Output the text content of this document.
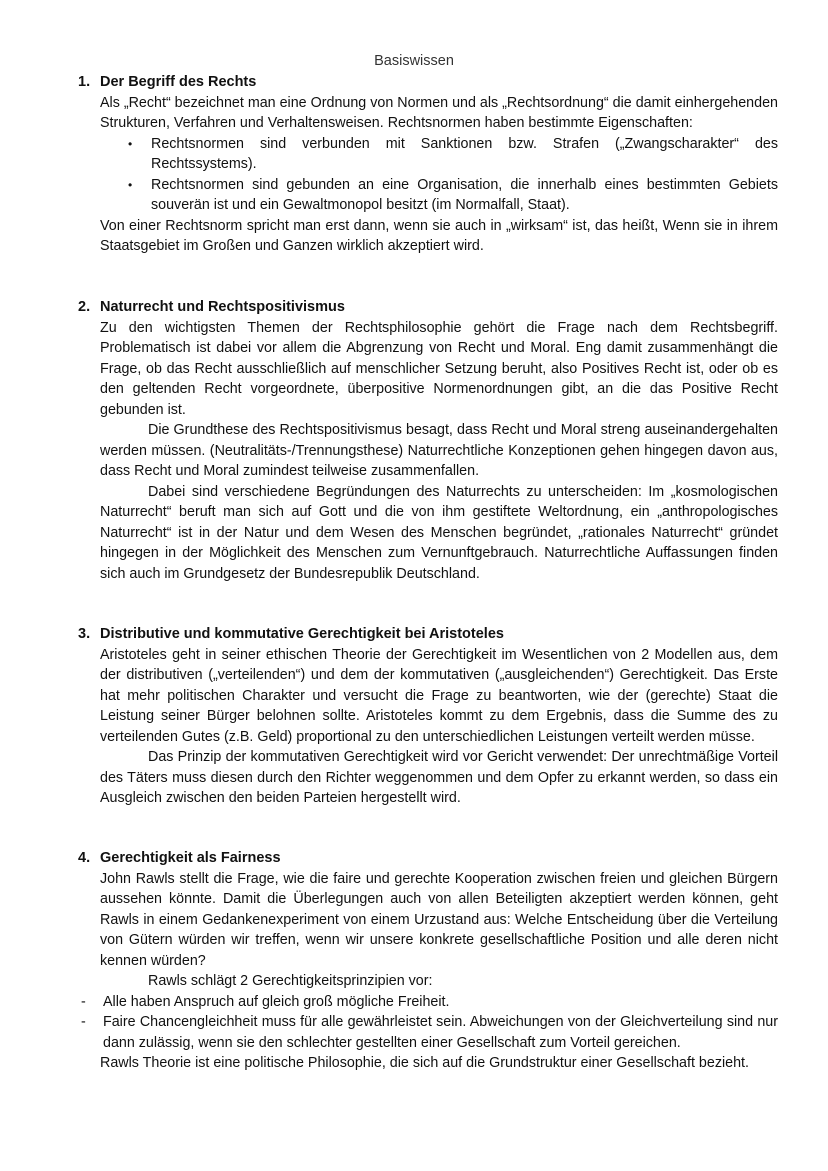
Basiswissen
1. Der Begriff des Rechts

Als „Recht“ bezeichnet man eine Ordnung von Normen und als „Rechtsordnung“ die damit einhergehenden Strukturen, Verfahren und Verhaltensweisen. Rechtsnormen haben bestimmte Eigenschaften:

•	Rechtsnormen sind verbunden mit Sanktionen bzw. Strafen („Zwangscharakter“ des Rechtssystems).
•	Rechtsnormen sind gebunden an eine Organisation, die innerhalb eines bestimmten Gebiets souverän ist und ein Gewaltmonopol besitzt (im Normalfall, Staat).

Von einer Rechtsnorm spricht man erst dann, wenn sie auch in „wirksam“ ist, das heißt, Wenn sie in ihrem Staatsgebiet im Großen und Ganzen wirklich akzeptiert wird.

2. Naturrecht und Rechtspositivismus

Zu den wichtigsten Themen der Rechtsphilosophie gehört die Frage nach dem Rechtsbegriff. Problematisch ist dabei vor allem die Abgrenzung von Recht und Moral. Eng damit zusammenhängt die Frage, ob das Recht ausschließlich auf menschlicher Setzung beruht, also Positives Recht ist, oder ob es den geltenden Recht vorgeordnete, überpositive Normenordnungen gibt, an die das Positive Recht gebunden ist.

Die Grundthese des Rechtspositivismus besagt, dass Recht und Moral streng auseinandergehalten werden müssen. (Neutralitäts-/Trennungsthese) Naturrechtliche Konzeptionen gehen hingegen davon aus, dass Recht und Moral zumindest teilweise zusammenfallen.

Dabei sind verschiedene Begründungen des Naturrechts zu unterscheiden: Im „kosmologischen Naturrecht“ beruft man sich auf Gott und die von ihm gestiftete Weltordnung, ein „anthropologisches Naturrecht“ ist in der Natur und dem Wesen des Menschen begründet, „rationales Naturrecht“ gründet hingegen in der Möglichkeit des Menschen zum Vernunftgebrauch. Naturrechtliche Auffassungen finden sich auch im Grundgesetz der Bundesrepublik Deutschland.

3. Distributive und kommutative Gerechtigkeit bei Aristoteles

Aristoteles geht in seiner ethischen Theorie der Gerechtigkeit im Wesentlichen von 2 Modellen aus, dem der distributiven („verteilenden“) und dem der kommutativen („ausgleichenden“) Gerechtigkeit. Das Erste hat mehr politischen Charakter und versucht die Frage zu beantworten, wie der (gerechte) Staat die Leistung seiner Bürger belohnen sollte. Aristoteles kommt zu dem Ergebnis, dass die Summe des zu verteilenden Gutes (z.B. Geld) proportional zu den unterschiedlichen Leistungen verteilt werden müsse.

Das Prinzip der kommutativen Gerechtigkeit wird vor Gericht verwendet: Der unrechtmäßige Vorteil des Täters muss diesen durch den Richter weggenommen und dem Opfer zu erkannt werden, so dass ein Ausgleich zwischen den beiden Parteien hergestellt wird.

4. Gerechtigkeit als Fairness

John Rawls stellt die Frage, wie die faire und gerechte Kooperation zwischen freien und gleichen Bürgern aussehen könnte. Damit die Überlegungen auch von allen Beteiligten akzeptiert werden können, geht Rawls in einem Gedankenexperiment von einem Urzustand aus: Welche Entscheidung über die Verteilung von Gütern würden wir treffen, wenn wir unsere konkrete gesellschaftliche Position und alle deren nicht kennen würden?

Rawls schlägt 2 Gerechtigkeitsprinzipien vor:

-	Alle haben Anspruch auf gleich groß mögliche Freiheit.
-	Faire Chancengleichheit muss für alle gewährleistet sein. Abweichungen von der Gleichverteilung sind nur dann zulässig, wenn sie den schlechter gestellten einer Gesellschaft zum Vorteil gereichen.

Rawls Theorie ist eine politische Philosophie, die sich auf die Grundstruktur einer Gesellschaft bezieht.
